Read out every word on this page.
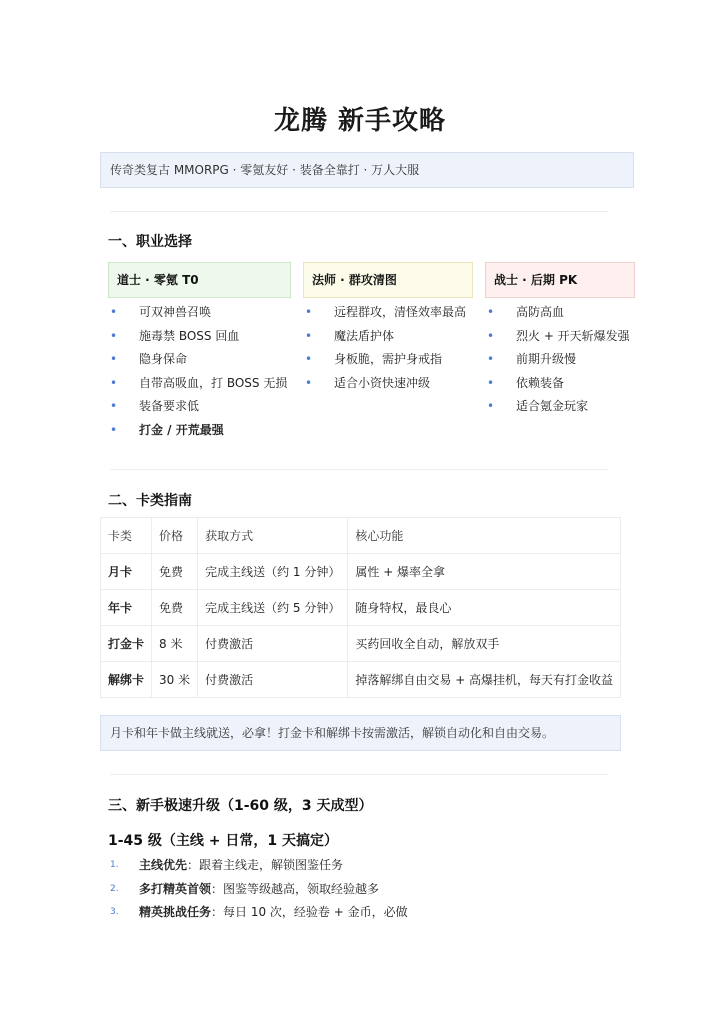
龙腾 新手攻略
传奇类复古 MMORPG · 零氪友好 · 装备全靠打 · 万人大服
一、职业选择
道士 · 零氪 T0	法师 · 群攻清图	战士 · 后期 PK
• 可双神兽召唤
• 施毒禁 BOSS 回血
• 隐身保命
• 自带高吸血，打 BOSS 无损
• 装备要求低
• 打金 / 开荒最强
• 远程群攻，清怪效率最高
• 魔法盾护体
• 身板脆，需护身戒指
• 适合小资快速冲级
• 高防高血
• 烈火 + 开天斩爆发强
• 前期升级慢
• 依赖装备
• 适合氪金玩家
二、卡类指南
卡类	价格	获取方式	核心功能
月卡	免费	完成主线送（约 1 分钟）	属性 + 爆率全拿
年卡	免费	完成主线送（约 5 分钟）	随身特权，最良心
打金卡	8 米	付费激活	买药回收全自动，解放双手
解绑卡	30 米	付费激活	掉落解绑自由交易 + 高爆挂机，每天有打金收益
月卡和年卡做主线就送，必拿！打金卡和解绑卡按需激活，解锁自动化和自由交易。
三、新手极速升级（1-60 级，3 天成型）
1-45 级（主线 + 日常，1 天搞定）
1. 主线优先：跟着主线走，解锁图鉴任务
2. 多打精英首领：图鉴等级越高，领取经验越多
3. 精英挑战任务：每日 10 次，经验卷 + 金币，必做
